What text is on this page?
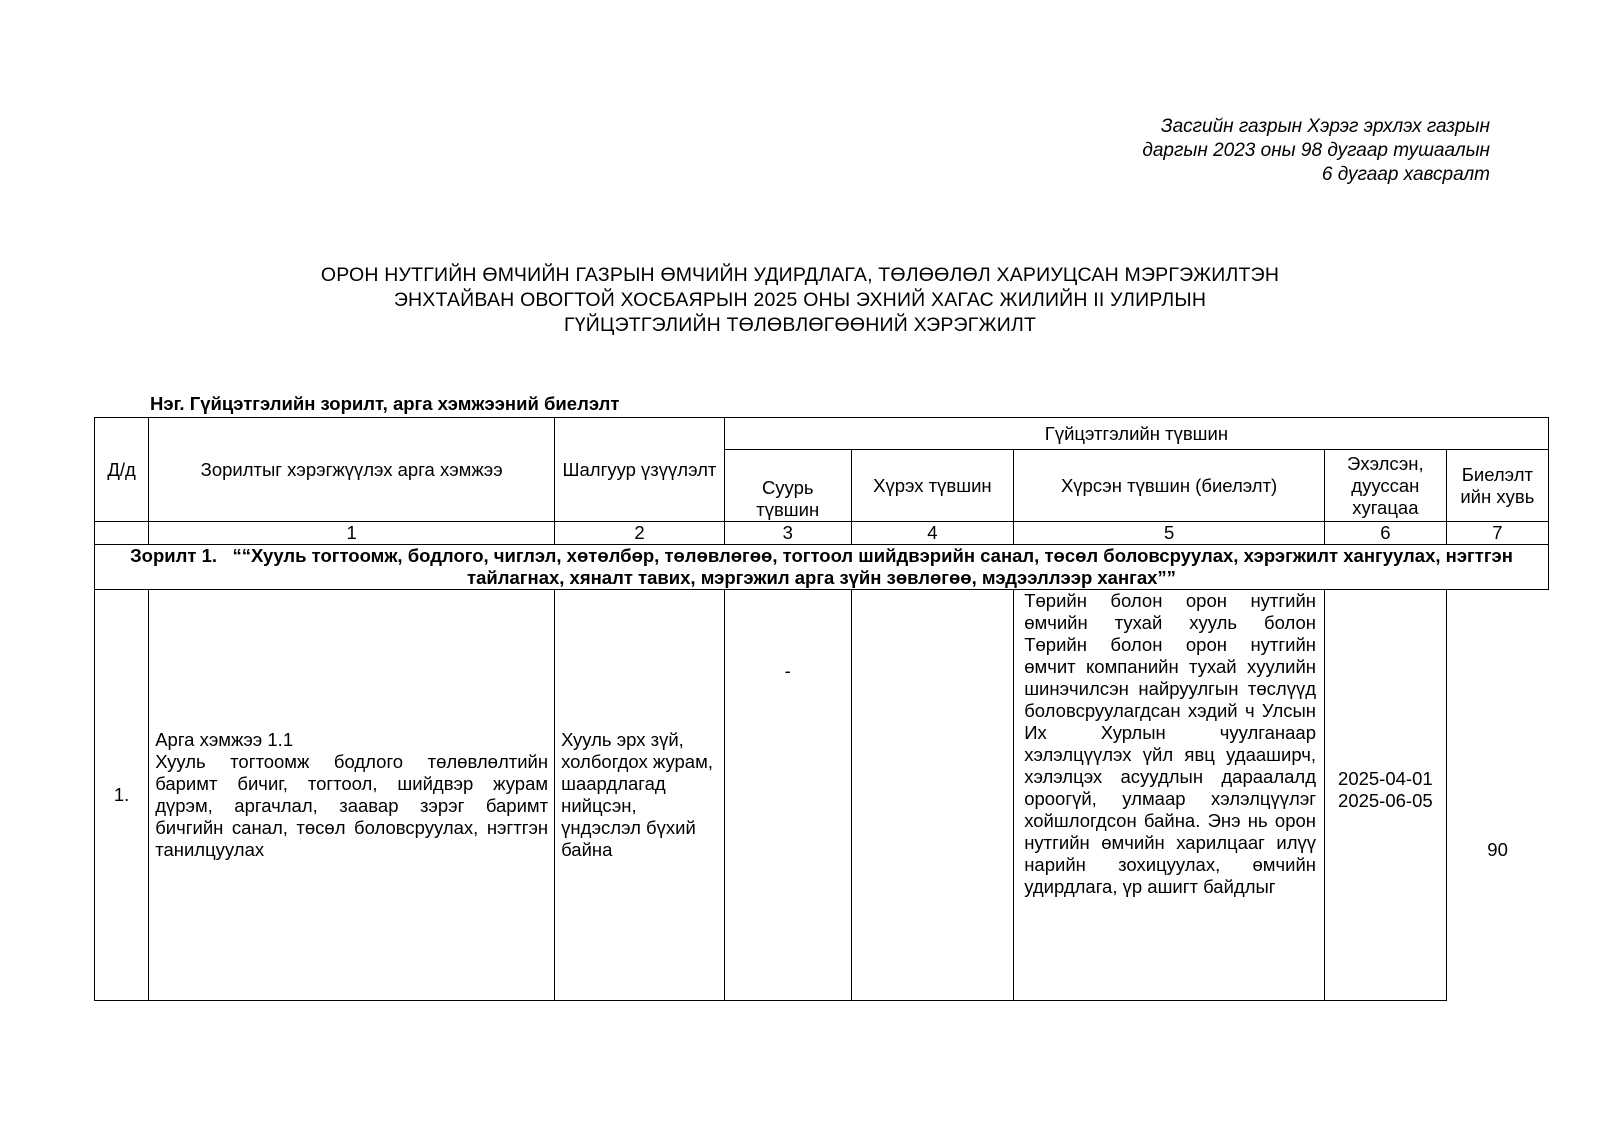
Засгийн газрын Хэрэг эрхлэх газрын
даргын 2023 оны 98 дугаар тушаалын
6 дугаар хавсралт
ОРОН НУТГИЙН ӨМЧИЙН ГАЗРЫН ӨМЧИЙН УДИРДЛАГА, ТӨЛӨӨЛӨЛ ХАРИУЦСАН МЭРГЭЖИЛТЭН
ЭНХТАЙВАН ОВОГТОЙ ХОСБАЯРЫН 2025 ОНЫ ЭХНИЙ ХАГАС ЖИЛИЙН II УЛИРЛЫН
ГҮЙЦЭТГЭЛИЙН ТӨЛӨВЛӨГӨӨНИЙ ХЭРЭГЖИЛТ
Нэг. Гүйцэтгэлийн зорилт, арга хэмжээний биелэлт
Д/д	Зорилтыг хэрэгжүүлэх арга хэмжээ	Шалгуур үзүүлэлт	Гүйцэтгэлийн түвшин				
			Суурь түвшин	Хүрэх түвшин	Хүрсэн түвшин (биелэлт)	Эхэлсэн, дууссан хугацаа	Биелэлт ийн хувь
	1	2	3	4	5	6	7
Зорилт 1. ““Хууль тогтоомж, бодлого, чиглэл, хөтөлбөр, төлөвлөгөө, тогтоол шийдвэрийн санал, төсөл боловсруулах, хэрэгжилт хангуулах, нэгтгэн тайлагнах, хяналт тавих, мэргэжил арга зүйн зөвлөгөө, мэдээллээр хангах””							
1.	Арга хэмжээ 1.1
Хууль тогтоомж бодлого төлөвлөлтийн баримт бичиг, тогтоол, шийдвэр журам дүрэм, аргачлал, заавар зэрэг баримт бичгийн санал, төсөл боловсруулах, нэгтгэн танилцуулах	Хууль эрх зүй, холбогдох журам, шаардлагад нийцсэн, үндэслэл бүхий байна	-		Төрийн болон орон нутгийн өмчийн тухай хууль болон Төрийн болон орон нутгийн өмчит компанийн тухай хуулийн шинэчилсэн найруулгын төслүүд боловсруулагдсан хэдий ч Улсын Их Хурлын чуулганаар хэлэлцүүлэх үйл явц удааширч, хэлэлцэх асуудлын дараалалд ороогүй, улмаар хэлэлцүүлэг хойшлогдсон байна. Энэ нь орон нутгийн өмчийн харилцааг илүү нарийн зохицуулах, өмчийн удирдлага, үр ашигт байдлыг	2025-04-01
2025-06-05	90
